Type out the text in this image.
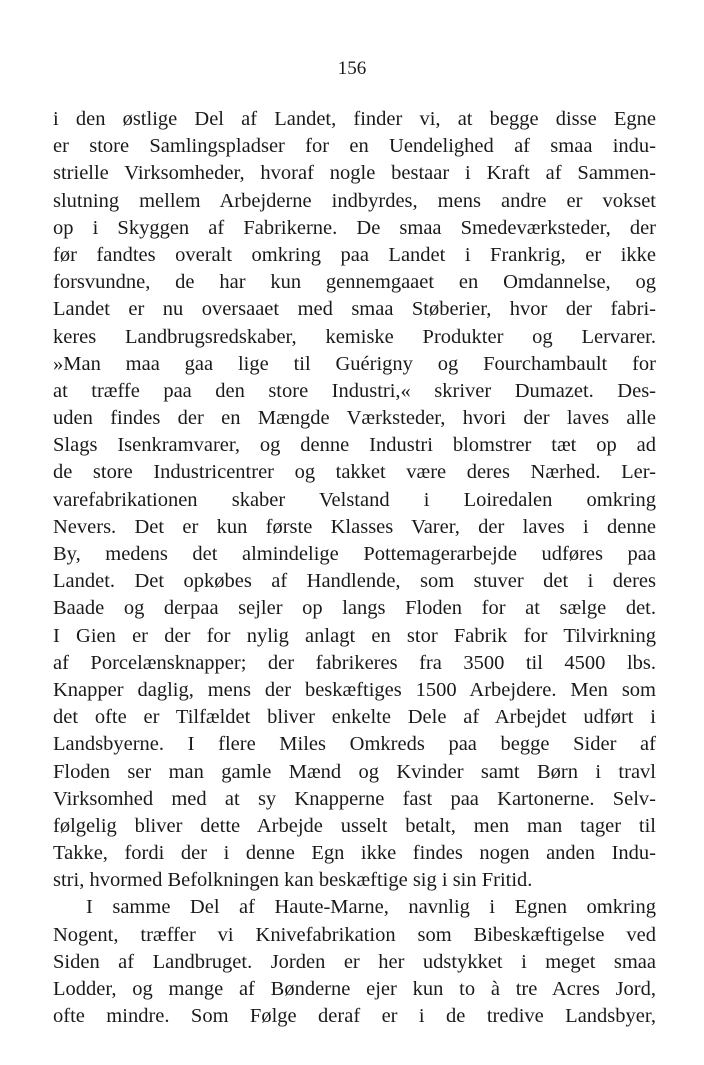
156
i den østlige Del af Landet, finder vi, at begge disse Egne
er store Samlingspladser for en Uendelighed af smaa indu-
strielle Virksomheder, hvoraf nogle bestaar i Kraft af Sammen-
slutning mellem Arbejderne indbyrdes, mens andre er vokset
op i Skyggen af Fabrikerne. De smaa Smedeværksteder, der
før fandtes overalt omkring paa Landet i Frankrig, er ikke
forsvundne, de har kun gennemgaaet en Omdannelse, og
Landet er nu oversaaet med smaa Støberier, hvor der fabri-
keres Landbrugsredskaber, kemiske Produkter og Lervarer.
»Man maa gaa lige til Guérigny og Fourchambault for
at træffe paa den store Industri,« skriver Dumazet. Des-
uden findes der en Mængde Værksteder, hvori der laves alle
Slags Isenkramvarer, og denne Industri blomstrer tæt op ad
de store Industricentrer og takket være deres Nærhed. Ler-
varefabrikationen skaber Velstand i Loiredalen omkring
Nevers. Det er kun første Klasses Varer, der laves i denne
By, medens det almindelige Pottemagerarbejde udføres paa
Landet. Det opkøbes af Handlende, som stuver det i deres
Baade og derpaa sejler op langs Floden for at sælge det.
I Gien er der for nylig anlagt en stor Fabrik for Tilvirkning
af Porcelænsknapper; der fabrikeres fra 3500 til 4500 lbs.
Knapper daglig, mens der beskæftiges 1500 Arbejdere. Men som
det ofte er Tilfældet bliver enkelte Dele af Arbejdet udført i
Landsbyerne. I flere Miles Omkreds paa begge Sider af
Floden ser man gamle Mænd og Kvinder samt Børn i travl
Virksomhed med at sy Knapperne fast paa Kartonerne. Selv-
følgelig bliver dette Arbejde usselt betalt, men man tager til
Takke, fordi der i denne Egn ikke findes nogen anden Indu-
stri, hvormed Befolkningen kan beskæftige sig i sin Fritid.
I samme Del af Haute-Marne, navnlig i Egnen omkring
Nogent, træffer vi Knivefabrikation som Bibeskæftigelse ved
Siden af Landbruget. Jorden er her udstykket i meget smaa
Lodder, og mange af Bønderne ejer kun to à tre Acres Jord,
ofte mindre. Som Følge deraf er i de tredive Landsbyer,
